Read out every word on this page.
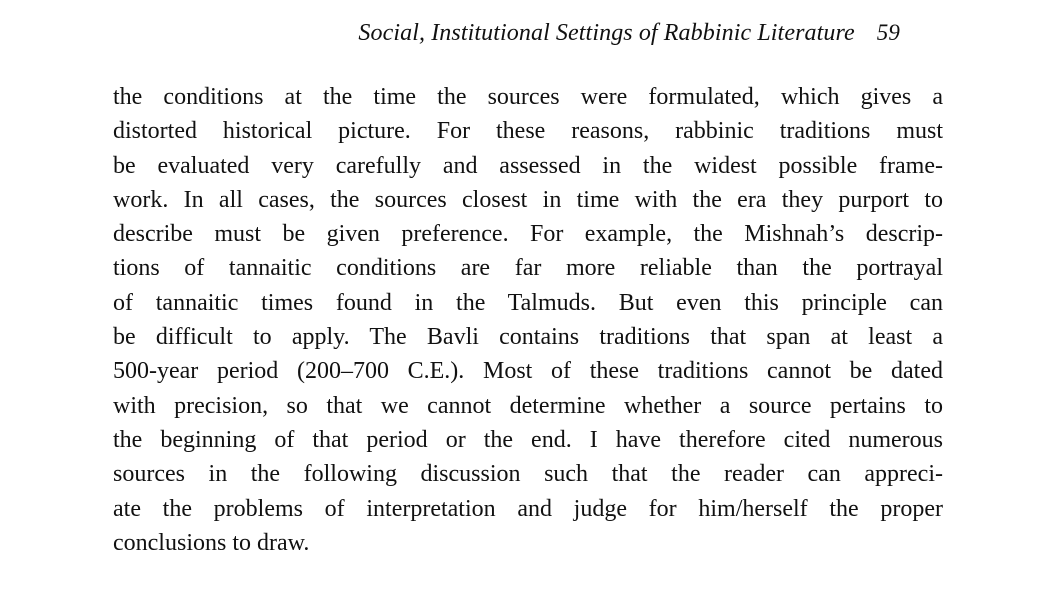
Social, Institutional Settings of Rabbinic Literature 59
the conditions at the time the sources were formulated, which gives a
distorted historical picture. For these reasons, rabbinic traditions must
be evaluated very carefully and assessed in the widest possible frame-
work. In all cases, the sources closest in time with the era they purport to
describe must be given preference. For example, the Mishnah’s descrip-
tions of tannaitic conditions are far more reliable than the portrayal
of tannaitic times found in the Talmuds. But even this principle can
be difficult to apply. The Bavli contains traditions that span at least a
500-year period (200–700 C.E.). Most of these traditions cannot be dated
with precision, so that we cannot determine whether a source pertains to
the beginning of that period or the end. I have therefore cited numerous
sources in the following discussion such that the reader can appreci-
ate the problems of interpretation and judge for him/herself the proper
conclusions to draw.
